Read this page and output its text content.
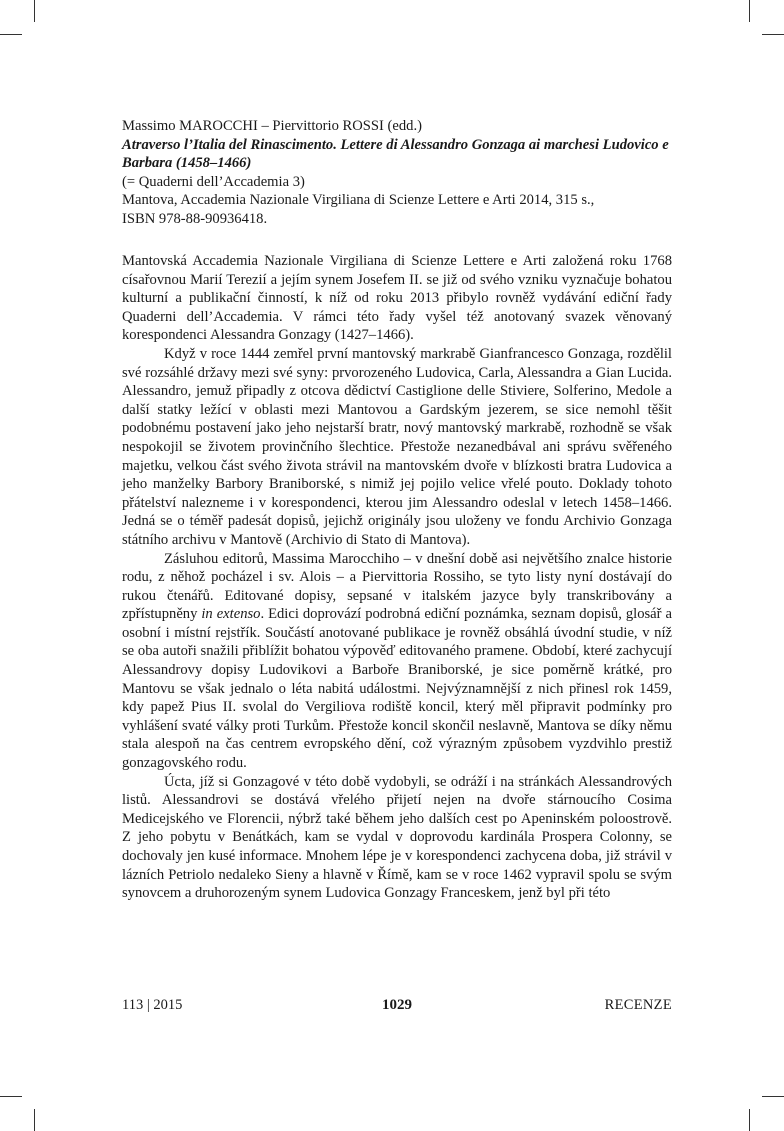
Massimo MAROCCHI – Piervittorio ROSSI (edd.)
Atraverso l’Italia del Rinascimento. Lettere di Alessandro Gonzaga ai marchesi Ludovico e Barbara (1458–1466)
(= Quaderni dell’Accademia 3)
Mantova, Accademia Nazionale Virgiliana di Scienze Lettere e Arti 2014, 315 s.,
ISBN 978-88-90936418.

Mantovská Accademia Nazionale Virgiliana di Scienze Lettere e Arti založená roku 1768 císařovnou Marií Terezií a jejím synem Josefem II. se již od svého vzniku vyznačuje bohatou kulturní a publikační činností, k níž od roku 2013 přibylo rovněž vydávání ediční řady Quaderni dell’Accademia. V rámci této řady vyšel též anotovaný svazek věnovaný korespondenci Alessandra Gonzagy (1427–1466).

Když v roce 1444 zemřel první mantovský markrabě Gianfrancesco Gonzaga, rozdělil své rozsáhlé državy mezi své syny: prvorozeného Ludovica, Carla, Alessandra a Gian Lucida. Alessandro, jemuž připadly z otcova dědictví Castiglione delle Stiviere, Solferino, Medole a další statky ležící v oblasti mezi Mantovou a Gardským jezerem, se sice nemohl těšit podobnému postavení jako jeho nejstarší bratr, nový mantovský markrabě, rozhodně se však nespokojil se životem provinčního šlechtice. Přestože nezanedbával ani správu svěřeného majetku, velkou část svého života strávil na mantovském dvoře v blízkosti bratra Ludovica a jeho manželky Barbory Braniborské, s nimiž jej pojilo velice vřelé pouto. Doklady tohoto přátelství nalezneme i v korespondenci, kterou jim Alessandro odeslal v letech 1458–1466. Jedná se o téměř padesát dopisů, jejichž originály jsou uloženy ve fondu Archivio Gonzaga státního archivu v Mantově (Archivio di Stato di Mantova).

Zásluhou editorů, Massima Marocchiho – v dnešní době asi největšího znalce historie rodu, z něhož pocházel i sv. Alois – a Piervittoria Rossiho, se tyto listy nyní dostávají do rukou čtenářů. Editované dopisy, sepsané v italském jazyce byly transkribovány a zpřístupněny in extenso. Edici doprovází podrobná ediční poznámka, seznam dopisů, glosář a osobní i místní rejstřík. Součástí anotované publikace je rovněž obsáhlá úvodní studie, v níž se oba autoři snažili přiblížit bohatou výpověď editovaného pramene. Období, které zachycují Alessandrovy dopisy Ludovikovi a Barboře Braniborské, je sice poměrně krátké, pro Mantovu se však jednalo o léta nabitá událostmi. Nejvýznamnější z nich přinesl rok 1459, kdy papež Pius II. svolal do Vergiliova rodiště koncil, který měl připravit podmínky pro vyhlášení svaté války proti Turkům. Přestože koncil skončil neslavně, Mantova se díky němu stala alespoň na čas centrem evropského dění, což výrazným způsobem vyzdvihlo prestiž gonzagovského rodu.

Úcta, jíž si Gonzagové v této době vydobyli, se odráží i na stránkách Alessandrových listů. Alessandrovi se dostává vřelého přijetí nejen na dvoře stárnoucího Cosima Medicejského ve Florencii, nýbrž také během jeho dalších cest po Apeninském poloostrově. Z jeho pobytu v Benátkách, kam se vydal v doprovodu kardinála Prospera Colonny, se dochovaly jen kusé informace. Mnohem lépe je v korespondenci zachycena doba, již strávil v lázních Petriolo nedaleko Sieny a hlavně v Římě, kam se v roce 1462 vypravil spolu se svým synovcem a druhorozeným synem Ludovica Gonzagy Franceskem, jenž byl při této

113 | 2015	1029	RECENZE
